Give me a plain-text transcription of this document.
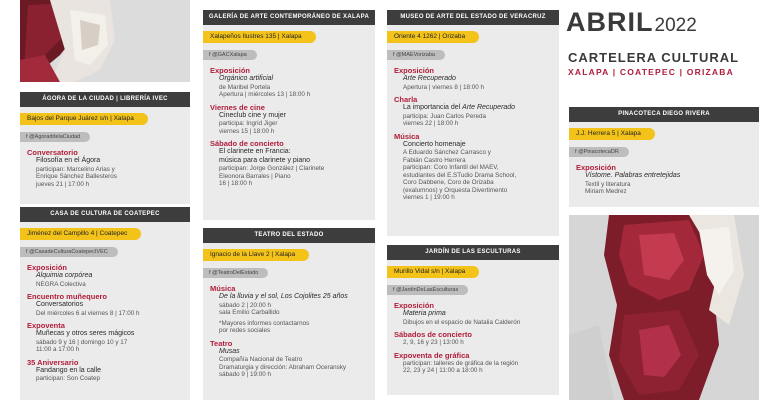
ÁGORA DE LA CIUDAD | LIBRERÍA IVEC
Bajos del Parque Juárez s/n | Xalapa
f @AgoraddelaCiudad
Conversatorio
Filosofía en el Ágora
participan: Marcelino Arias y
Enrique Sánchez Ballesteros
jueves 21 | 17:00 h
CASA DE CULTURA DE COATEPEC
Jiménez del Campillo 4 | Coatepec
f @CasadeCulturaCoatepecIVEC
Exposición
Alquimia corpórea
NEGRA Colectiva
Encuentro muñequero
Conversatorios
Del miércoles 6 al viernes 8 | 17:00 h
Expoventa
Muñecas y otros seres mágicos
sábado 9 y 16 | domingo 10 y 17
11:00 a 17:00 h
35 Aniversario
Fandango en la calle
participan: Son Coatep
GALERÍA DE ARTE CONTEMPORÁNEO DE XALAPA
Xalapeños Ilustres 135 | Xalapa
f @GACXalapa
Exposición
Orgánico artificial
de Maribel Portela
Apertura | miércoles 13 | 18:00 h
Viernes de cine
Cineclub cine y mujer
participa: Ingrid Jiger
viernes 15 | 18:00 h
Sábado de concierto
El clarinete en Francia:
música para clarinete y piano
participan: Jorge González | Clarinete
Eleonora Barrales | Piano
16 | 18:00 h
TEATRO DEL ESTADO
Ignacio de la Llave 2 | Xalapa
f @TeatroDelEstado
Música
De la lluvia y el sol, Los Cojolites 25 años
sábado 2 | 20:00 h
sala Emilio Carballido
*Mayores informes contactarnos
por redes sociales
Teatro
Musas
Compañía Nacional de Teatro
Dramaturgia y dirección: Abraham Oceransky
sábado 9 | 19:00 h
MUSEO DE ARTE DEL ESTADO DE VERACRUZ
Oriente 4 1262 | Orizaba
f @MAEVorizaba
Exposición
Arte Recuperado
Apertura | viernes 8 | 18:00 h
Charla
La importancia del Arte Recuperado
participa: Juan Carlos Pereda
viernes 22 | 18:00 h
Música
Concierto homenaje
A Eduardo Sánchez Carrasco y
Fabián Castro Herrera
participan: Coro Infantil del MAEV,
estudiantes del E.STudio Drama School,
Coro Dabbene, Coro de Orizaba
(exalumnos) y Orquesta Divertimento
viernes 1 | 19:00 h
JARDÍN DE LAS ESCULTURAS
Murillo Vidal s/n | Xalapa
f @JardinDeLasEsculturas
Exposición
Materia prima
Dibujos en el espacio de Natalia Calderón
Sábados de concierto
2, 9, 16 y 23 | 13:00 h
Expoventa de gráfica
participan: talleres de gráfica de la región
22, 23 y 24 | 11:00 a 18:00 h
ABRIL2022
CARTELERA CULTURAL
XALAPA | COATEPEC | ORIZABA
PINACOTECA DIEGO RIVERA
J.J. Herrera 5 | Xalapa
f @PinacotecaDR
Exposición
Vístome. Palabras entretejidas
Textil y literatura
Miriam Medrez
